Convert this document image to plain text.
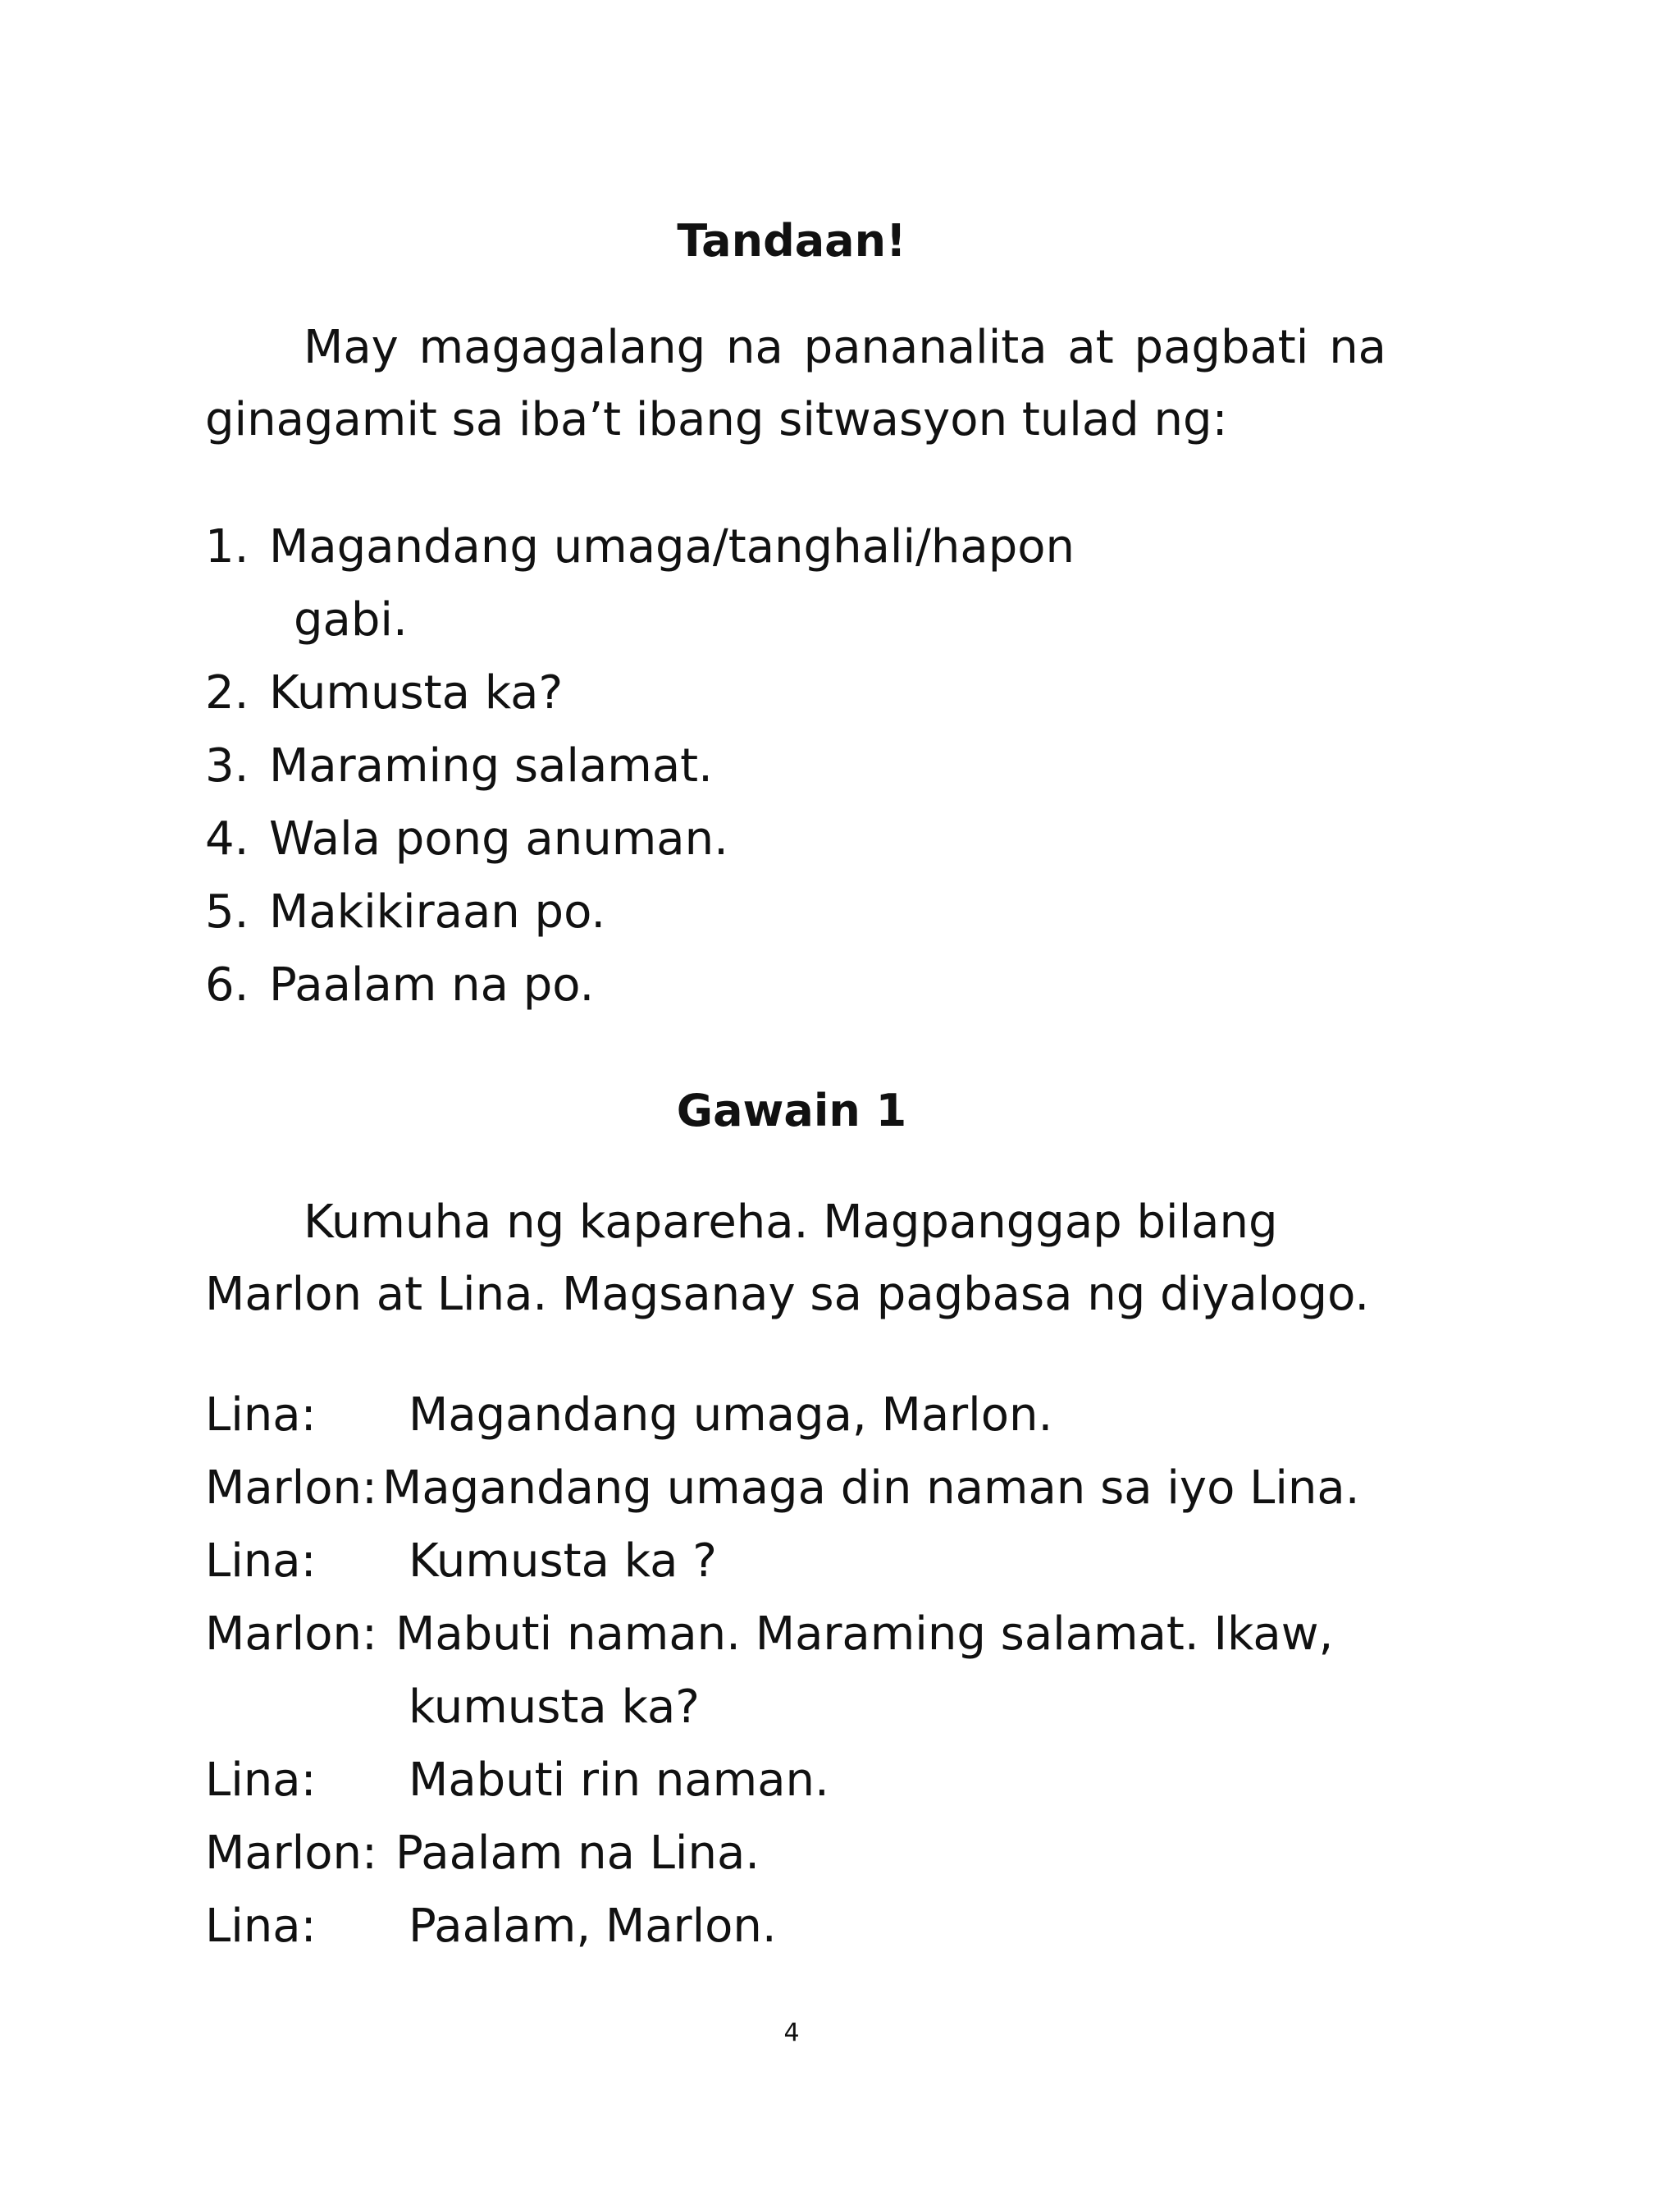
Tandaan!
May magagalang na pananalita at pagbati na
ginagamit sa iba’t ibang sitwasyon tulad ng:
1. Magandang umaga/tanghali/hapon
gabi.
2. Kumusta ka?
3. Maraming salamat.
4. Wala pong anuman.
5. Makikiraan po.
6. Paalam na po.
Gawain 1
Kumuha ng kapareha. Magpanggap bilang
Marlon at Lina. Magsanay sa pagbasa ng diyalogo.
Lina: Magandang umaga, Marlon.
Marlon: Magandang umaga din naman sa iyo Lina.
Lina: Kumusta ka ?
Marlon: Mabuti naman. Maraming salamat. Ikaw,
kumusta ka?
Lina: Mabuti rin naman.
Marlon: Paalam na Lina.
Lina: Paalam, Marlon.
4
